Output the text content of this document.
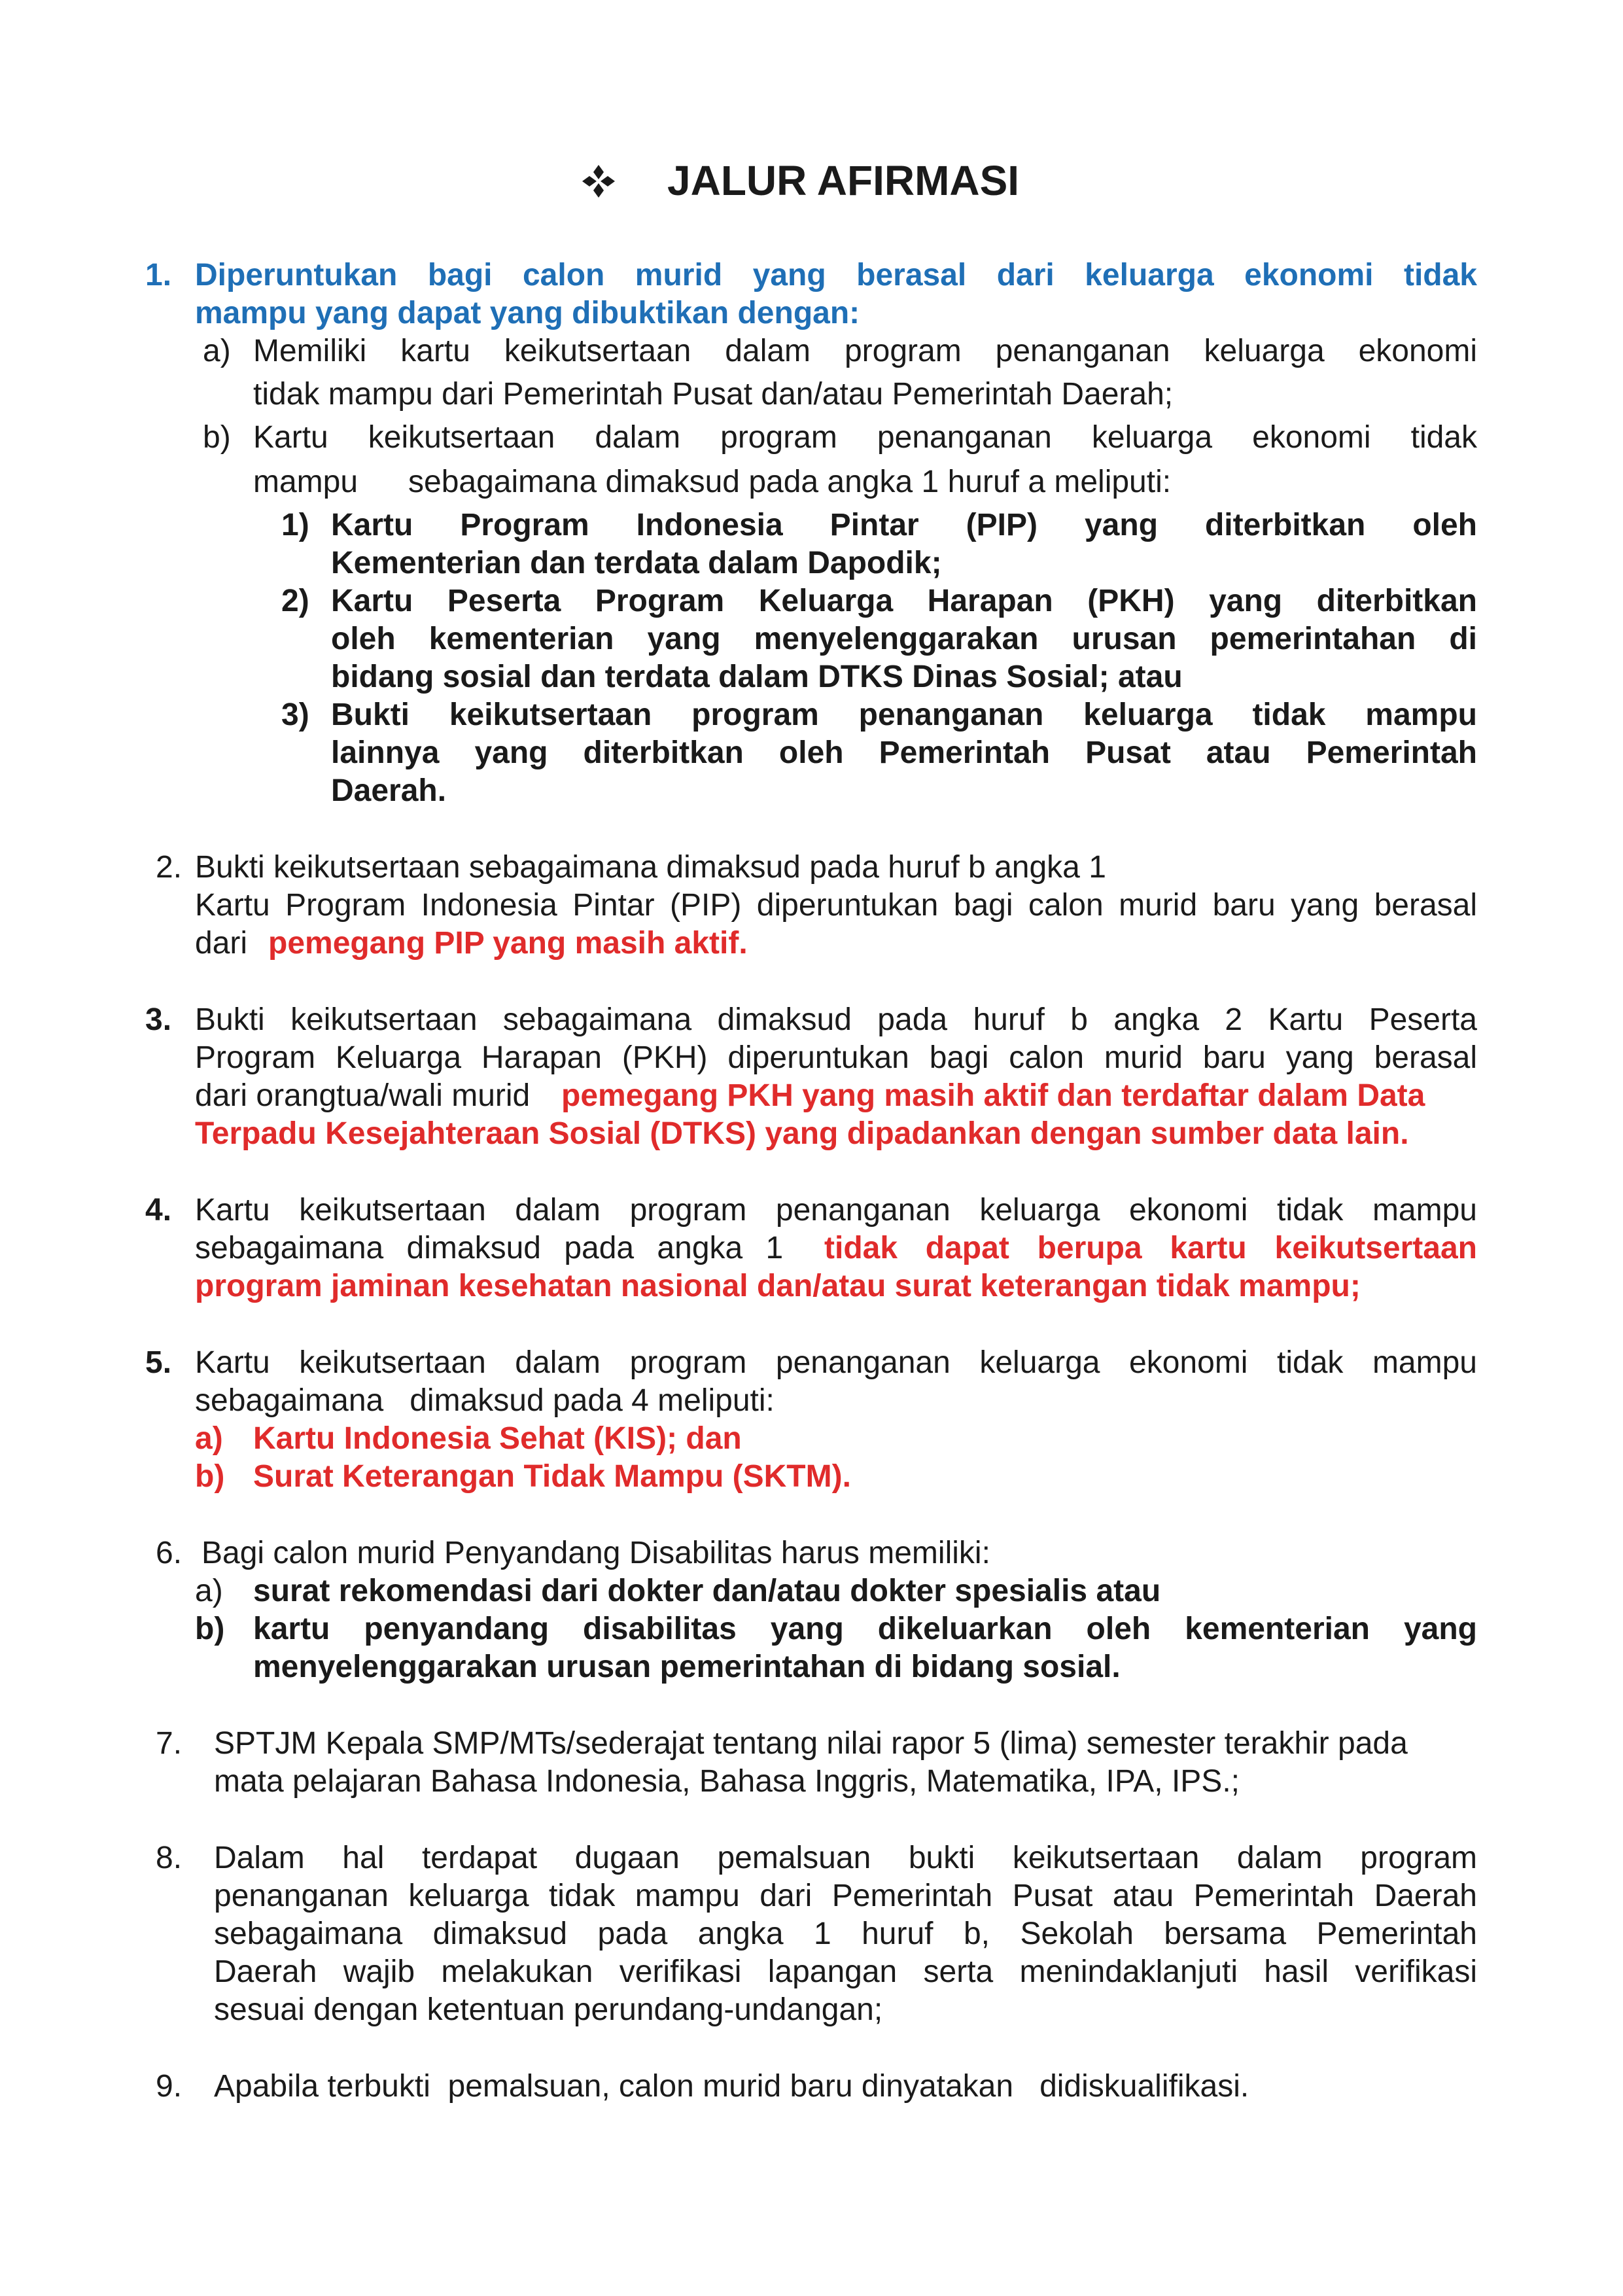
JALUR AFIRMASI
1. Diperuntukan bagi calon murid yang berasal dari keluarga ekonomi tidak
mampu yang dapat yang dibuktikan dengan:
a) Memiliki kartu keikutsertaan dalam program penanganan keluarga ekonomi
tidak mampu dari Pemerintah Pusat dan/atau Pemerintah Daerah;
b) Kartu keikutsertaan dalam program penanganan keluarga ekonomi tidak
mampu sebagaimana dimaksud pada angka 1 huruf a meliputi:
1) Kartu Program Indonesia Pintar (PIP) yang diterbitkan oleh
Kementerian dan terdata dalam Dapodik;
2) Kartu Peserta Program Keluarga Harapan (PKH) yang diterbitkan
oleh kementerian yang menyelenggarakan urusan pemerintahan di
bidang sosial dan terdata dalam DTKS Dinas Sosial; atau
3) Bukti keikutsertaan program penanganan keluarga tidak mampu
lainnya yang diterbitkan oleh Pemerintah Pusat atau Pemerintah
Daerah.
2. Bukti keikutsertaan sebagaimana dimaksud pada huruf b angka 1
Kartu Program Indonesia Pintar (PIP) diperuntukan bagi calon murid baru yang berasal
dari pemegang PIP yang masih aktif.
3. Bukti keikutsertaan sebagaimana dimaksud pada huruf b angka 2 Kartu Peserta
Program Keluarga Harapan (PKH) diperuntukan bagi calon murid baru yang berasal
dari orangtua/wali murid pemegang PKH yang masih aktif dan terdaftar dalam Data
Terpadu Kesejahteraan Sosial (DTKS) yang dipadankan dengan sumber data lain.
4. Kartu keikutsertaan dalam program penanganan keluarga ekonomi tidak mampu
sebagaimana dimaksud pada angka 1 tidak dapat berupa kartu keikutsertaan
program jaminan kesehatan nasional dan/atau surat keterangan tidak mampu;
5. Kartu keikutsertaan dalam program penanganan keluarga ekonomi tidak mampu
sebagaimana   dimaksud pada 4 meliputi:
a) Kartu Indonesia Sehat (KIS); dan
b) Surat Keterangan Tidak Mampu (SKTM).
6. Bagi calon murid Penyandang Disabilitas harus memiliki:
a) surat rekomendasi dari dokter dan/atau dokter spesialis atau
b) kartu penyandang disabilitas yang dikeluarkan oleh kementerian yang
menyelenggarakan urusan pemerintahan di bidang sosial.
7. SPTJM Kepala SMP/MTs/sederajat tentang nilai rapor 5 (lima) semester terakhir pada
mata pelajaran Bahasa Indonesia, Bahasa Inggris, Matematika, IPA, IPS.;
8. Dalam hal terdapat dugaan pemalsuan bukti keikutsertaan dalam program
penanganan keluarga tidak mampu dari Pemerintah Pusat atau Pemerintah Daerah
sebagaimana dimaksud pada angka 1 huruf b, Sekolah bersama Pemerintah
Daerah wajib melakukan verifikasi lapangan serta menindaklanjuti hasil verifikasi
sesuai dengan ketentuan perundang-undangan;
9. Apabila terbukti  pemalsuan, calon murid baru dinyatakan   didiskualifikasi.
